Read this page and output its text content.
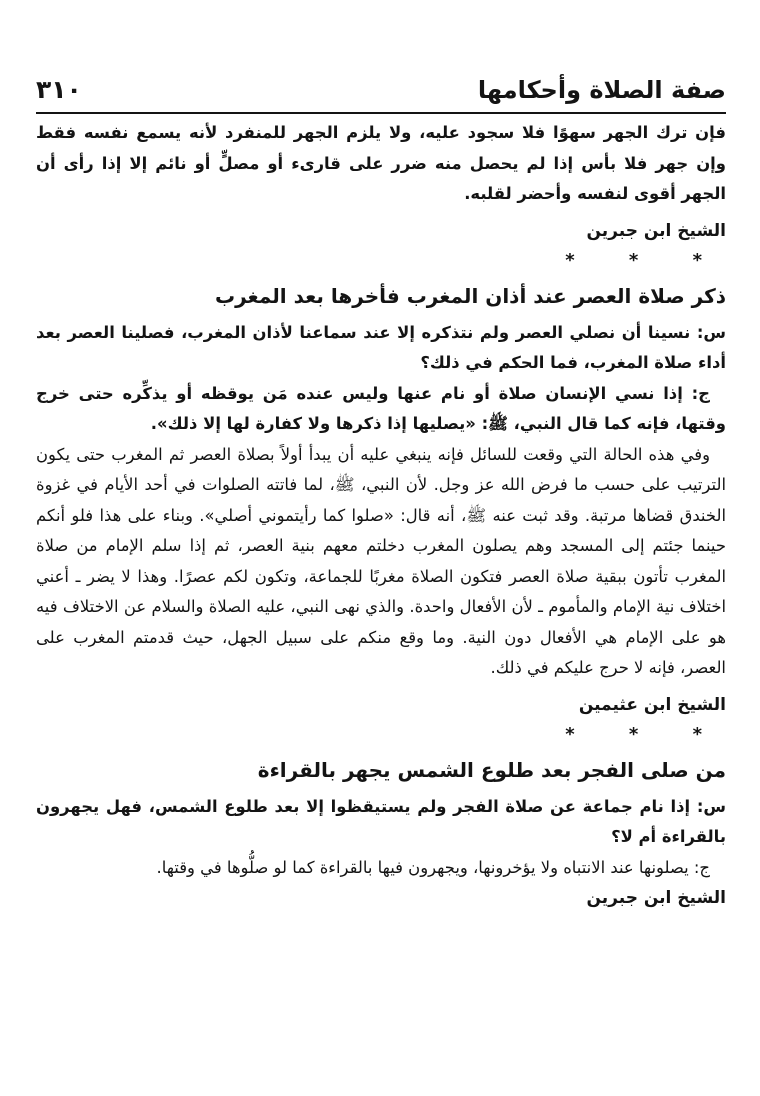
صفة الصلاة وأحكامها
٣١٠

فإن ترك الجهر سهوًا فلا سجود عليه، ولا يلزم الجهر للمنفرد لأنه يسمع نفسه فقط وإن جهر فلا بأس إذا لم يحصل منه ضرر على قارىء أو مصلٍّ أو نائم إلا إذا رأى أن الجهر أقوى لنفسه وأحضر لقلبه.

الشيخ ابن جبرين

* * *

ذكر صلاة العصر عند أذان المغرب فأخرها بعد المغرب

س: نسينا أن نصلي العصر ولم نتذكره إلا عند سماعنا لأذان المغرب، فصلينا العصر بعد أداء صلاة المغرب، فما الحكم في ذلك؟

ج: إذا نسي الإنسان صلاة أو نام عنها وليس عنده مَن يوقظه أو يذكِّره حتى خرج وقتها، فإنه كما قال النبي، ﷺ: «يصليها إذا ذكرها ولا كفارة لها إلا ذلك».

وفي هذه الحالة التي وقعت للسائل فإنه ينبغي عليه أن يبدأ أولاً بصلاة العصر ثم المغرب حتى يكون الترتيب على حسب ما فرض الله عز وجل. لأن النبي، ﷺ، لما فاتته الصلوات في أحد الأيام في غزوة الخندق قضاها مرتبة. وقد ثبت عنه ﷺ، أنه قال: «صلوا كما رأيتموني أصلي». وبناء على هذا فلو أنكم حينما جئتم إلى المسجد وهم يصلون المغرب دخلتم معهم بنية العصر، ثم إذا سلم الإمام من صلاة المغرب تأتون ببقية صلاة العصر فتكون الصلاة مغربًا للجماعة، وتكون لكم عصرًا. وهذا لا يضر ـ أعني اختلاف نية الإمام والمأموم ـ لأن الأفعال واحدة. والذي نهى النبي، عليه الصلاة والسلام عن الاختلاف فيه هو على الإمام هي الأفعال دون النية. وما وقع منكم على سبيل الجهل، حيث قدمتم المغرب على العصر، فإنه لا حرج عليكم في ذلك.

الشيخ ابن عثيمين

* * *

من صلى الفجر بعد طلوع الشمس يجهر بالقراءة

س: إذا نام جماعة عن صلاة الفجر ولم يستيقظوا إلا بعد طلوع الشمس، فهل يجهرون بالقراءة أم لا؟

ج: يصلونها عند الانتباه ولا يؤخرونها، ويجهرون فيها بالقراءة كما لو صلُّوها في وقتها.

الشيخ ابن جبرين
